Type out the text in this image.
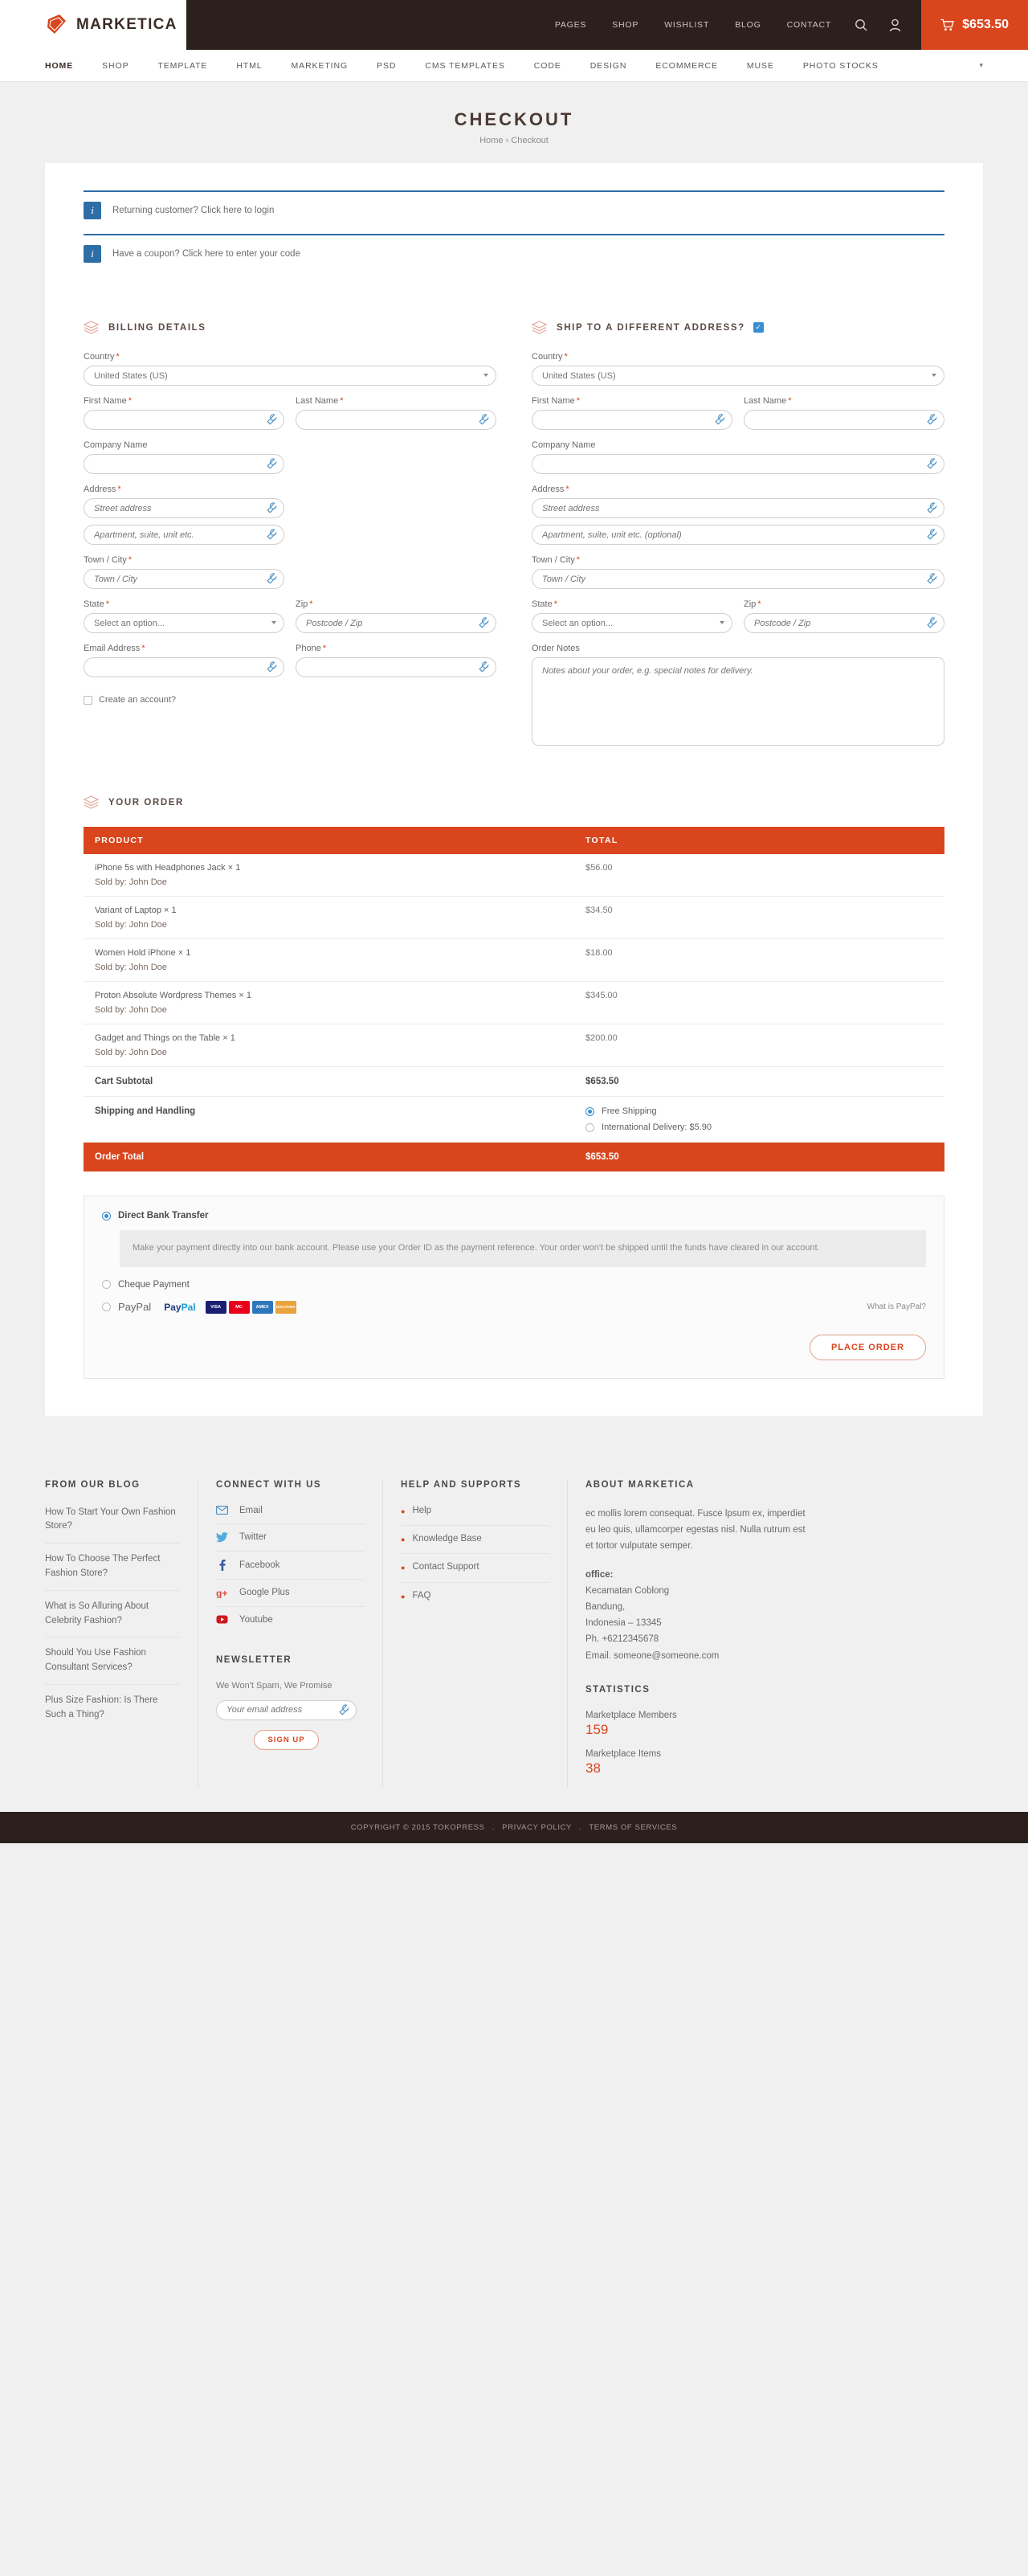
MARKETICA	PAGES	SHOP	WISHLIST	BLOG	CONTACT	$653.50
HOME	SHOP	TEMPLATE	HTML	MARKETING	PSD	CMS TEMPLATES	CODE	DESIGN	ECOMMERCE	MUSE	PHOTO STOCKS	▾
CHECKOUT
Home › Checkout
i	Returning customer? Click here to login
i	Have a coupon? Click here to enter your code
BILLING DETAILS
Country *
United States (US)
First Name *	Last Name *
Company Name
Address *
Street address
Apartment, suite, unit etc.
Town / City *
Town / City
State *
Select an option...	Zip *
Postcode / Zip
Email Address *	Phone *
Create an account?
SHIP TO A DIFFERENT ADDRESS?	✓
Country *
United States (US)
First Name *	Last Name *
Company Name
Address *
Street address
Apartment, suite, unit etc. (optional)
Town / City *
Town / City
State *
Select an option...	Zip *
Postcode / Zip
Order Notes
Notes about your order, e.g. special notes for delivery.
YOUR ORDER
PRODUCT	TOTAL

iPhone 5s with Headphones Jack × 1
Sold by: John Doe	$56.00

Variant of Laptop × 1
Sold by: John Doe	$34.50

Women Hold iPhone × 1
Sold by: John Doe	$18.00

Proton Absolute Wordpress Themes × 1
Sold by: John Doe	$345.00

Gadget and Things on the Table × 1
Sold by: John Doe	$200.00
Cart Subtotal	$653.50
Shipping and Handling	Free Shipping
International Delivery: $5.90

Order Total	$653.50
Direct Bank Transfer
Make your payment directly into our bank account. Please use your Order ID as the payment reference. Your order won't be shipped until the funds have cleared in our account.
Cheque Payment
PayPal PayPal	VISA	MC	AMEX	DISCOVER	What is PayPal?
PLACE ORDER
FROM OUR BLOG
How To Start Your Own Fashion Store?
How To Choose The Perfect Fashion Store?
What is So Alluring About Celebrity Fashion?
Should You Use Fashion Consultant Services?
Plus Size Fashion: Is There Such a Thing?
CONNECT WITH US
Email
Twitter
Facebook
g+ Google Plus
Youtube
NEWSLETTER
We Won't Spam, We Promise
Your email address
SIGN UP
HELP AND SUPPORTS
● Help
● Knowledge Base
● Contact Support
● FAQ
ABOUT MARKETICA
ec mollis lorem consequat. Fusce lpsum ex, imperdiet eu leo quis, ullamcorper egestas nisl. Nulla rutrum est et tortor vulputate semper.
office:
Kecamatan Coblong
Bandung,
Indonesia – 13345
Ph. +6212345678
Email. someone@someone.com
STATISTICS
Marketplace Members
159
Marketplace Items
38
COPYRIGHT © 2015 TOKOPRESS . PRIVACY POLICY . TERMS OF SERVICES
